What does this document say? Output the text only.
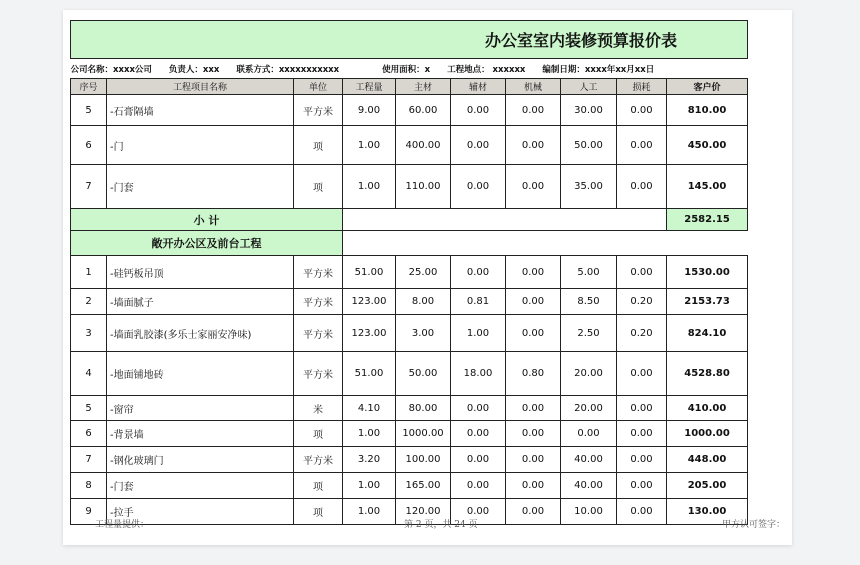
办公室室内装修预算报价表									
公司名称：xxxx公司 负责人：xxx 联系方式：xxxxxxxxxxx 使用面积：x 工程地点： xxxxxx 编制日期：xxxx年xx月xx日									
序号	工程项目名称	单位	工程量	主材	辅材	机械	人工	损耗	客户价
5	-石膏隔墙	平方米	9.00	60.00	0.00	0.00	30.00	0.00	810.00
6	-门	项	1.00	400.00	0.00	0.00	50.00	0.00	450.00
7	-门套	项	1.00	110.00	0.00	0.00	35.00	0.00	145.00
小 计									2582.15
敞开办公区及前台工程									
1	-硅钙板吊顶	平方米	51.00	25.00	0.00	0.00	5.00	0.00	1530.00
2	-墙面腻子	平方米	123.00	8.00	0.81	0.00	8.50	0.20	2153.73
3	-墙面乳胶漆(多乐士家丽安净味)	平方米	123.00	3.00	1.00	0.00	2.50	0.20	824.10
4	-地面铺地砖	平方米	51.00	50.00	18.00	0.80	20.00	0.00	4528.80
5	-窗帘	米	4.10	80.00	0.00	0.00	20.00	0.00	410.00
6	-背景墙	项	1.00	1000.00	0.00	0.00	0.00	0.00	1000.00
7	-钢化玻璃门	平方米	3.20	100.00	0.00	0.00	40.00	0.00	448.00
8	-门套	项	1.00	165.00	0.00	0.00	40.00	0.00	205.00
9	-拉手	项	1.00	120.00	0.00	0.00	10.00	0.00	130.00
工程量提供：	第 2 页，共 24 页	甲方认可签字：
